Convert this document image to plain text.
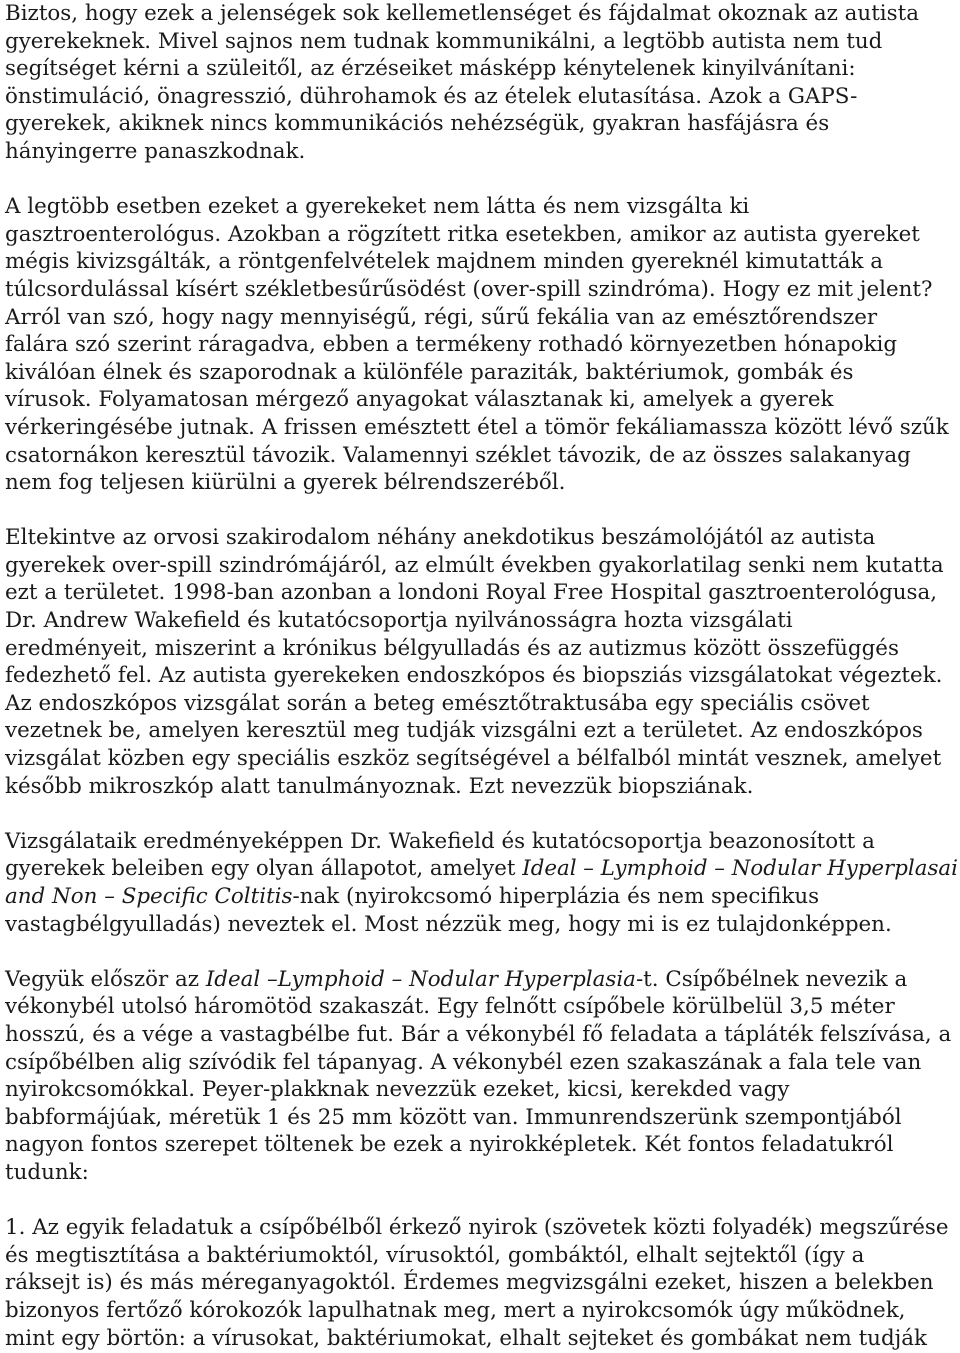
Biztos, hogy ezek a jelenségek sok kellemetlenséget és fájdalmat okoznak az autista
gyerekeknek. Mivel sajnos nem tudnak kommunikálni, a legtöbb autista nem tud
segítséget kérni a szüleitől, az érzéseiket másképp kénytelenek kinyilvánítani:
önstimuláció, önagresszió, dührohamok és az ételek elutasítása. Azok a GAPS-
gyerekek, akiknek nincs kommunikációs nehézségük, gyakran hasfájásra és
hányingerre panaszkodnak.
A legtöbb esetben ezeket a gyerekeket nem látta és nem vizsgálta ki
gasztroenterológus. Azokban a rögzített ritka esetekben, amikor az autista gyereket
mégis kivizsgálták, a röntgenfelvételek majdnem minden gyereknél kimutatták a
túlcsordulással kísért székletbesűrűsödést (over-spill szindróma). Hogy ez mit jelent?
Arról van szó, hogy nagy mennyiségű, régi, sűrű fekália van az emésztőrendszer
falára szó szerint ráragadva, ebben a termékeny rothadó környezetben hónapokig
kiválóan élnek és szaporodnak a különféle paraziták, baktériumok, gombák és
vírusok. Folyamatosan mérgező anyagokat választanak ki, amelyek a gyerek
vérkeringésébe jutnak. A frissen emésztett étel a tömör fekáliamassza között lévő szűk
csatornákon keresztül távozik. Valamennyi széklet távozik, de az összes salakanyag
nem fog teljesen kiürülni a gyerek bélrendszeréből.
Eltekintve az orvosi szakirodalom néhány anekdotikus beszámolójától az autista
gyerekek over-spill szindrómájáról, az elmúlt években gyakorlatilag senki nem kutatta
ezt a területet. 1998-ban azonban a londoni Royal Free Hospital gasztroenterológusa,
Dr. Andrew Wakefield és kutatócsoportja nyilvánosságra hozta vizsgálati
eredményeit, miszerint a krónikus bélgyulladás és az autizmus között összefüggés
fedezhető fel. Az autista gyerekeken endoszkópos és biopsziás vizsgálatokat végeztek.
Az endoszkópos vizsgálat során a beteg emésztőtraktusába egy speciális csövet
vezetnek be, amelyen keresztül meg tudják vizsgálni ezt a területet. Az endoszkópos
vizsgálat közben egy speciális eszköz segítségével a bélfalból mintát vesznek, amelyet
később mikroszkóp alatt tanulmányoznak. Ezt nevezzük biopsziának.
Vizsgálataik eredményeképpen Dr. Wakefield és kutatócsoportja beazonosított a
gyerekek beleiben egy olyan állapotot, amelyet Ideal – Lymphoid – Nodular Hyperplasai
and Non – Specific Coltitis-nak (nyirokcsomó hiperplázia és nem specifikus
vastagbélgyulladás) neveztek el. Most nézzük meg, hogy mi is ez tulajdonképpen.
Vegyük először az Ideal –Lymphoid – Nodular Hyperplasia-t. Csípőbélnek nevezik a
vékonybél utolsó háromötöd szakaszát. Egy felnőtt csípőbele körülbelül 3,5 méter
hosszú, és a vége a vastagbélbe fut. Bár a vékonybél fő feladata a tápláték felszívása, a
csípőbélben alig szívódik fel tápanyag. A vékonybél ezen szakaszának a fala tele van
nyirokcsomókkal. Peyer-plakknak nevezzük ezeket, kicsi, kerekded vagy
babformájúak, méretük 1 és 25 mm között van. Immunrendszerünk szempontjából
nagyon fontos szerepet töltenek be ezek a nyirokképletek. Két fontos feladatukról
tudunk:
1. Az egyik feladatuk a csípőbélből érkező nyirok (szövetek közti folyadék) megszűrése
és megtisztítása a baktériumoktól, vírusoktól, gombáktól, elhalt sejtektől (így a
ráksejt is) és más méreganyagoktól. Érdemes megvizsgálni ezeket, hiszen a belekben
bizonyos fertőző kórokozók lapulhatnak meg, mert a nyirokcsomók úgy működnek,
mint egy börtön: a vírusokat, baktériumokat, elhalt sejteket és gombákat nem tudják
